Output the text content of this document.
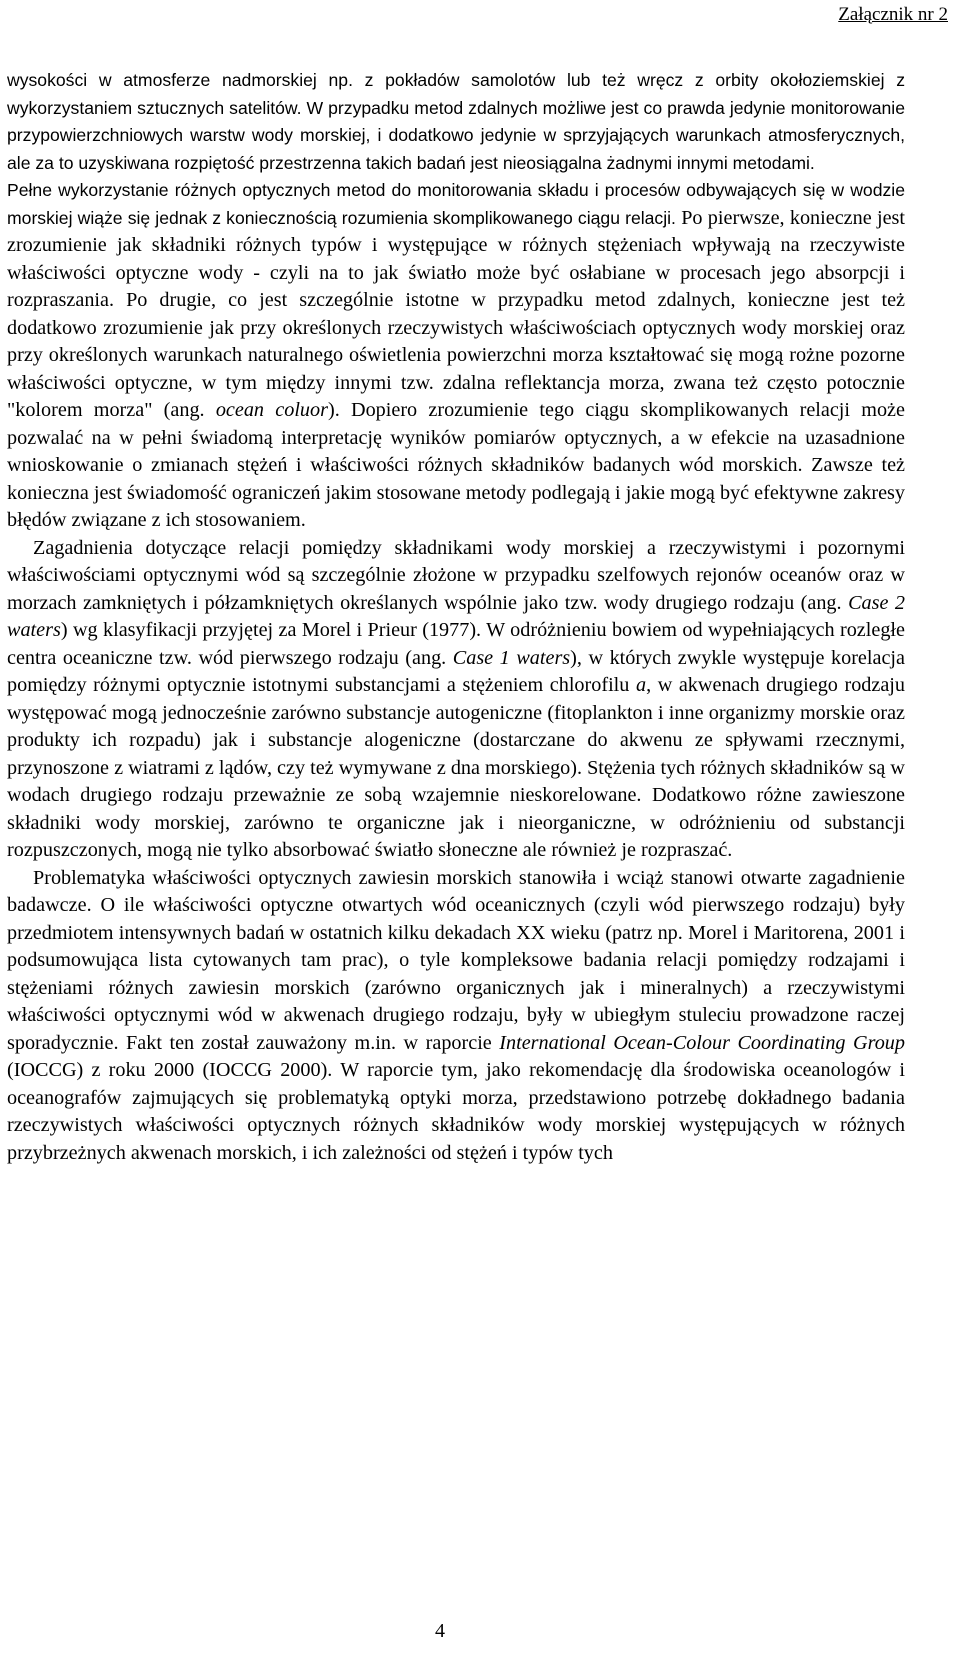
Załącznik nr 2

wysokości w atmosferze nadmorskiej np. z pokładów samolotów lub też wręcz z orbity okołoziemskiej z wykorzystaniem sztucznych satelitów. W przypadku metod zdalnych możliwe jest co prawda jedynie monitorowanie przypowierzchniowych warstw wody morskiej, i dodatkowo jedynie w sprzyjających warunkach atmosferycznych, ale za to uzyskiwana rozpiętość przestrzenna takich badań jest nieosiągalna żadnymi innymi metodami.

Pełne wykorzystanie różnych optycznych metod do monitorowania składu i procesów odbywających się w wodzie morskiej wiąże się jednak z koniecznością rozumienia skomplikowanego ciągu relacji. Po pierwsze, konieczne jest zrozumienie jak składniki różnych typów i występujące w różnych stężeniach wpływają na rzeczywiste właściwości optyczne wody - czyli na to jak światło może być osłabiane w procesach jego absorpcji i rozpraszania. Po drugie, co jest szczególnie istotne w przypadku metod zdalnych, konieczne jest też dodatkowo zrozumienie jak przy określonych rzeczywistych właściwościach optycznych wody morskiej oraz przy określonych warunkach naturalnego oświetlenia powierzchni morza kształtować się mogą rożne pozorne właściwości optyczne, w tym między innymi tzw. zdalna reflektancja morza, zwana też często potocznie "kolorem morza" (ang. ocean coluor). Dopiero zrozumienie tego ciągu skomplikowanych relacji może pozwalać na w pełni świadomą interpretację wyników pomiarów optycznych, a w efekcie na uzasadnione wnioskowanie o zmianach stężeń i właściwości różnych składników badanych wód morskich. Zawsze też konieczna jest świadomość ograniczeń jakim stosowane metody podlegają i jakie mogą być efektywne zakresy błędów związane z ich stosowaniem.

Zagadnienia dotyczące relacji pomiędzy składnikami wody morskiej a rzeczywistymi i pozornymi właściwościami optycznymi wód są szczególnie złożone w przypadku szelfowych rejonów oceanów oraz w morzach zamkniętych i półzamkniętych określanych wspólnie jako tzw. wody drugiego rodzaju (ang. Case 2 waters) wg klasyfikacji przyjętej za Morel i Prieur (1977). W odróżnieniu bowiem od wypełniających rozległe centra oceaniczne tzw. wód pierwszego rodzaju (ang. Case 1 waters), w których zwykle występuje korelacja pomiędzy różnymi optycznie istotnymi substancjami a stężeniem chlorofilu a, w akwenach drugiego rodzaju występować mogą jednocześnie zarówno substancje autogeniczne (fitoplankton i inne organizmy morskie oraz produkty ich rozpadu) jak i substancje alogeniczne (dostarczane do akwenu ze spływami rzecznymi, przynoszone z wiatrami z lądów, czy też wymywane z dna morskiego). Stężenia tych różnych składników są w wodach drugiego rodzaju przeważnie ze sobą wzajemnie nieskorelowane. Dodatkowo różne zawieszone składniki wody morskiej, zarówno te organiczne jak i nieorganiczne, w odróżnieniu od substancji rozpuszczonych, mogą nie tylko absorbować światło słoneczne ale również je rozpraszać.

Problematyka właściwości optycznych zawiesin morskich stanowiła i wciąż stanowi otwarte zagadnienie badawcze. O ile właściwości optyczne otwartych wód oceanicznych (czyli wód pierwszego rodzaju) były przedmiotem intensywnych badań w ostatnich kilku dekadach XX wieku (patrz np. Morel i Maritorena, 2001 i podsumowująca lista cytowanych tam prac), o tyle kompleksowe badania relacji pomiędzy rodzajami i stężeniami różnych zawiesin morskich (zarówno organicznych jak i mineralnych) a rzeczywistymi właściwości optycznymi wód w akwenach drugiego rodzaju, były w ubiegłym stuleciu prowadzone raczej sporadycznie. Fakt ten został zauważony m.in. w raporcie International Ocean-Colour Coordinating Group (IOCCG) z roku 2000 (IOCCG 2000). W raporcie tym, jako rekomendację dla środowiska oceanologów i oceanografów zajmujących się problematyką optyki morza, przedstawiono potrzebę dokładnego badania rzeczywistych właściwości optycznych różnych składników wody morskiej występujących w różnych przybrzeżnych akwenach morskich, i ich zależności od stężeń i typów tych

4
